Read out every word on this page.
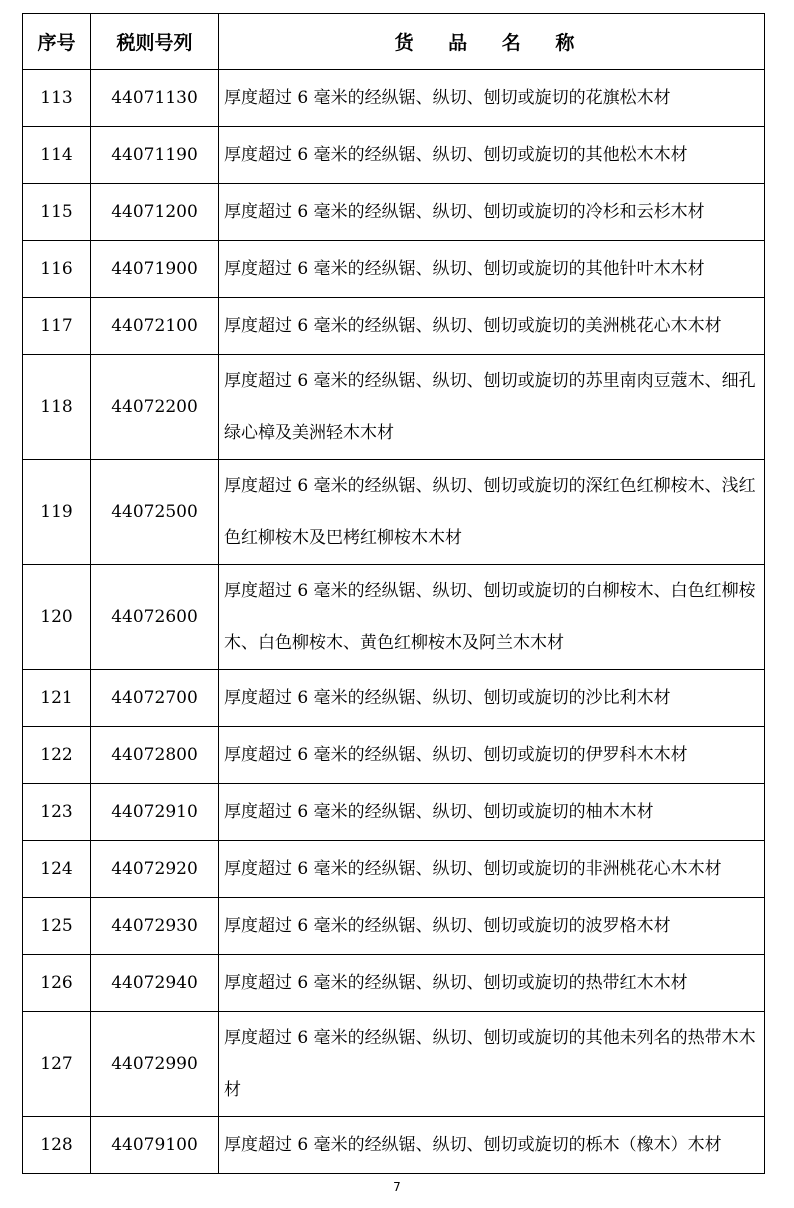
序号	税则号列	货 品 名 称
113	44071130	厚度超过 6 毫米的经纵锯、纵切、刨切或旋切的花旗松木材
114	44071190	厚度超过 6 毫米的经纵锯、纵切、刨切或旋切的其他松木木材
115	44071200	厚度超过 6 毫米的经纵锯、纵切、刨切或旋切的冷杉和云杉木材
116	44071900	厚度超过 6 毫米的经纵锯、纵切、刨切或旋切的其他针叶木木材
117	44072100	厚度超过 6 毫米的经纵锯、纵切、刨切或旋切的美洲桃花心木木材
118	44072200	厚度超过 6 毫米的经纵锯、纵切、刨切或旋切的苏里南肉豆蔻木、细孔绿心樟及美洲轻木木材
119	44072500	厚度超过 6 毫米的经纵锯、纵切、刨切或旋切的深红色红柳桉木、浅红色红柳桉木及巴栲红柳桉木木材
120	44072600	厚度超过 6 毫米的经纵锯、纵切、刨切或旋切的白柳桉木、白色红柳桉木、白色柳桉木、黄色红柳桉木及阿兰木木材
121	44072700	厚度超过 6 毫米的经纵锯、纵切、刨切或旋切的沙比利木材
122	44072800	厚度超过 6 毫米的经纵锯、纵切、刨切或旋切的伊罗科木木材
123	44072910	厚度超过 6 毫米的经纵锯、纵切、刨切或旋切的柚木木材
124	44072920	厚度超过 6 毫米的经纵锯、纵切、刨切或旋切的非洲桃花心木木材
125	44072930	厚度超过 6 毫米的经纵锯、纵切、刨切或旋切的波罗格木材
126	44072940	厚度超过 6 毫米的经纵锯、纵切、刨切或旋切的热带红木木材
127	44072990	厚度超过 6 毫米的经纵锯、纵切、刨切或旋切的其他未列名的热带木木材
128	44079100	厚度超过 6 毫米的经纵锯、纵切、刨切或旋切的栎木（橡木）木材
7
